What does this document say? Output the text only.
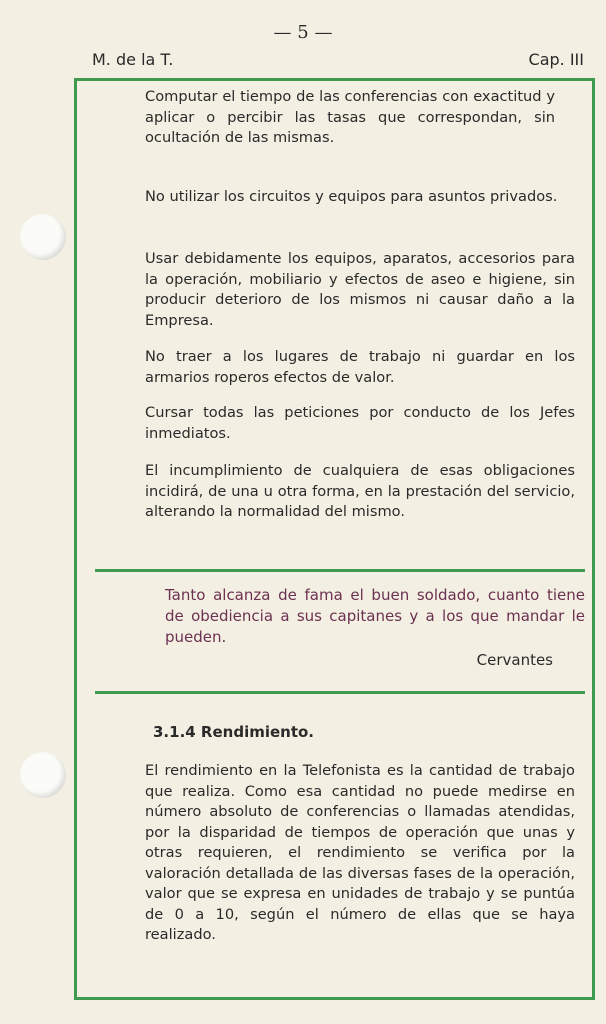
— 5 —
M. de la T.	Cap. III

Computar el tiempo de las conferencias con exactitud y aplicar o percibir las tasas que correspondan, sin ocultación de las mismas.

No utilizar los circuitos y equipos para asuntos privados.

Usar debidamente los equipos, aparatos, accesorios para la operación, mobiliario y efectos de aseo e higiene, sin producir deterioro de los mismos ni causar daño a la Empresa.

No traer a los lugares de trabajo ni guardar en los armarios roperos efectos de valor.

Cursar todas las peticiones por conducto de los Jefes inmediatos.

El incumplimiento de cualquiera de esas obligaciones incidirá, de una u otra forma, en la prestación del servicio, alterando la normalidad del mismo.

Tanto alcanza de fama el buen soldado, cuanto tiene de obediencia a sus capitanes y a los que mandar le pueden.
Cervantes
3.1.4 Rendimiento.

El rendimiento en la Telefonista es la cantidad de trabajo que realiza. Como esa cantidad no puede medirse en número absoluto de conferencias o llamadas atendidas, por la disparidad de tiempos de operación que unas y otras requieren, el rendimiento se verifica por la valoración detallada de las diversas fases de la operación, valor que se expresa en unidades de trabajo y se puntúa de 0 a 10, según el número de ellas que se haya realizado.
